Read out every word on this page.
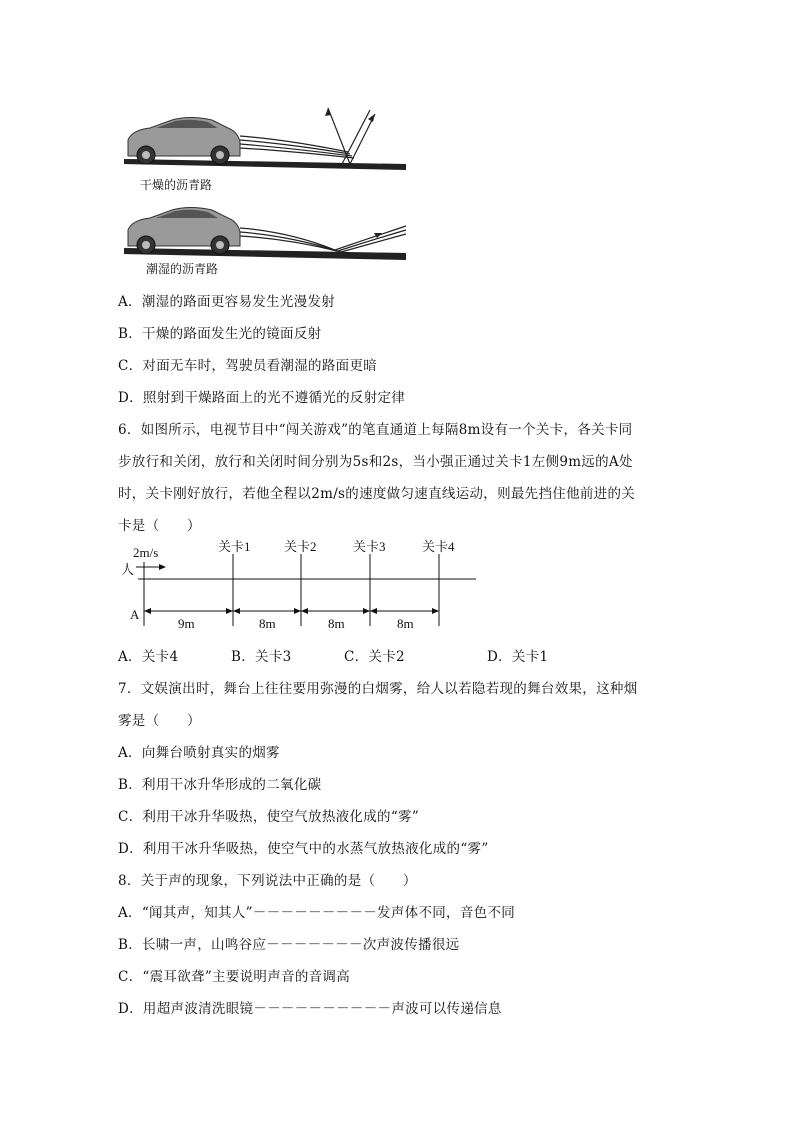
干燥的沥青路
潮湿的沥青路
A．潮湿的路面更容易发生光漫发射
B．干燥的路面发生光的镜面反射
C．对面无车时，驾驶员看潮湿的路面更暗
D．照射到干燥路面上的光不遵循光的反射定律
6．如图所示，电视节目中“闯关游戏”的笔直通道上每隔8m设有一个关卡，各关卡同
步放行和关闭，放行和关闭时间分别为5s和2s，当小强正通过关卡1左侧9m远的A处
时，关卡刚好放行，若他全程以2m/s的速度做匀速直线运动，则最先挡住他前进的关
卡是（　　）
2m/s
人
关卡1	关卡2	关卡3	关卡4
A
9m	8m	8m	8m
A．关卡4	B．关卡3	C．关卡2	D．关卡1
7．文娱演出时，舞台上往往要用弥漫的白烟雾，给人以若隐若现的舞台效果，这种烟
雾是（　　）
A．向舞台喷射真实的烟雾
B．利用干冰升华形成的二氧化碳
C．利用干冰升华吸热，使空气放热液化成的“雾”
D．利用干冰升华吸热，使空气中的水蒸气放热液化成的“雾”
8．关于声的现象，下列说法中正确的是（　　）
A．“闻其声，知其人”－－－－－－－－－发声体不同，音色不同
B．长啸一声，山鸣谷应－－－－－－－次声波传播很远
C．“震耳欲聋”主要说明声音的音调高
D．用超声波清洗眼镜－－－－－－－－－－声波可以传递信息
